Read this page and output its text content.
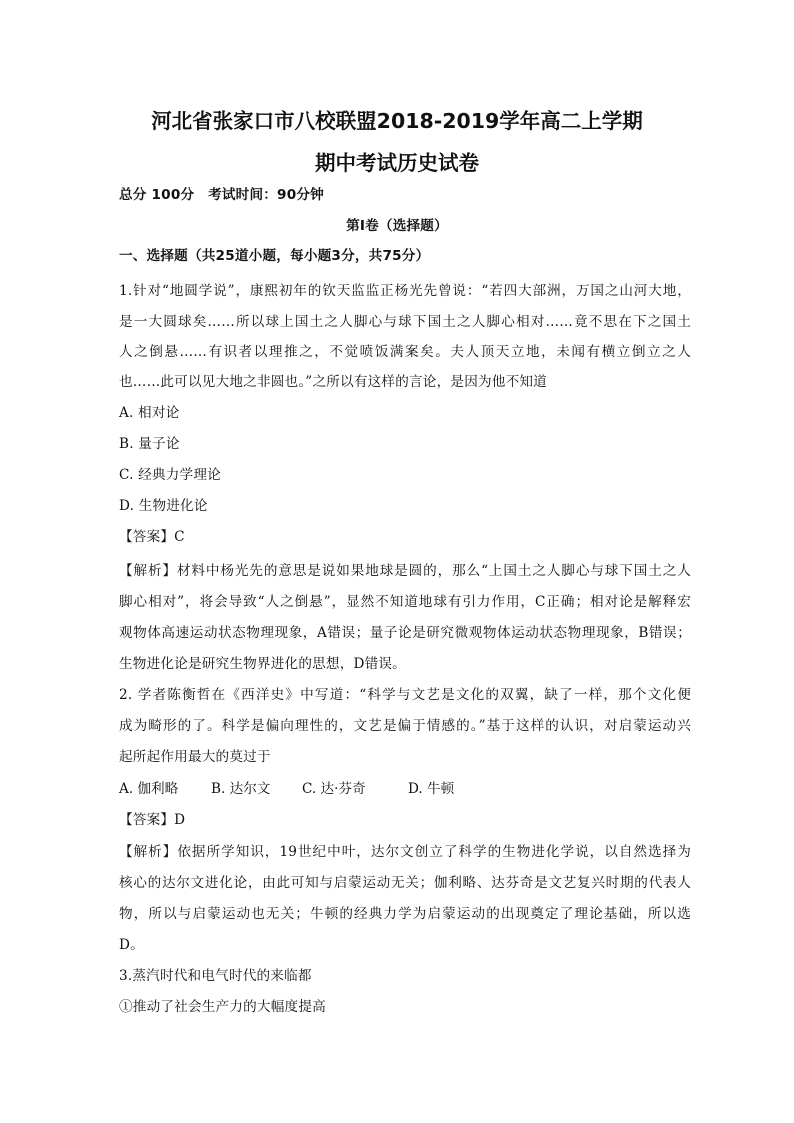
河北省张家口市八校联盟2018-2019学年高二上学期
期中考试历史试卷
总分 100分　考试时间：90分钟
第I卷（选择题）
一、选择题（共25道小题，每小题3分，共75分）
1.针对“地圆学说”，康熙初年的钦天监监正杨光先曾说：“若四大部洲，万国之山河大地，
是一大圆球矣……所以球上国土之人脚心与球下国土之人脚心相对……竟不思在下之国土
人之倒悬……有识者以理推之，不觉喷饭满案矣。夫人顶天立地，未闻有横立倒立之人
也……此可以见大地之非圆也。”之所以有这样的言论，是因为他不知道
A. 相对论
B. 量子论
C. 经典力学理论
D. 生物进化论
【答案】C
【解析】材料中杨光先的意思是说如果地球是圆的，那么“上国土之人脚心与球下国土之人
脚心相对”，将会导致“人之倒悬”，显然不知道地球有引力作用，C正确；相对论是解释宏
观物体高速运动状态物理现象，A错误；量子论是研究微观物体运动状态物理现象，B错误；
生物进化论是研究生物界进化的思想，D错误。
2. 学者陈衡哲在《西洋史》中写道：“科学与文艺是文化的双翼，缺了一样，那个文化便
成为畸形的了。科学是偏向理性的，文艺是偏于情感的。”基于这样的认识，对启蒙运动兴
起所起作用最大的莫过于
A. 伽利略 B. 达尔文 C. 达·芬奇	D. 牛顿
【答案】D
【解析】依据所学知识，19世纪中叶，达尔文创立了科学的生物进化学说，以自然选择为
核心的达尔文进化论，由此可知与启蒙运动无关；伽利略、达芬奇是文艺复兴时期的代表人
物，所以与启蒙运动也无关；牛顿的经典力学为启蒙运动的出现奠定了理论基础，所以选
D。
3.蒸汽时代和电气时代的来临都
①推动了社会生产力的大幅度提高
